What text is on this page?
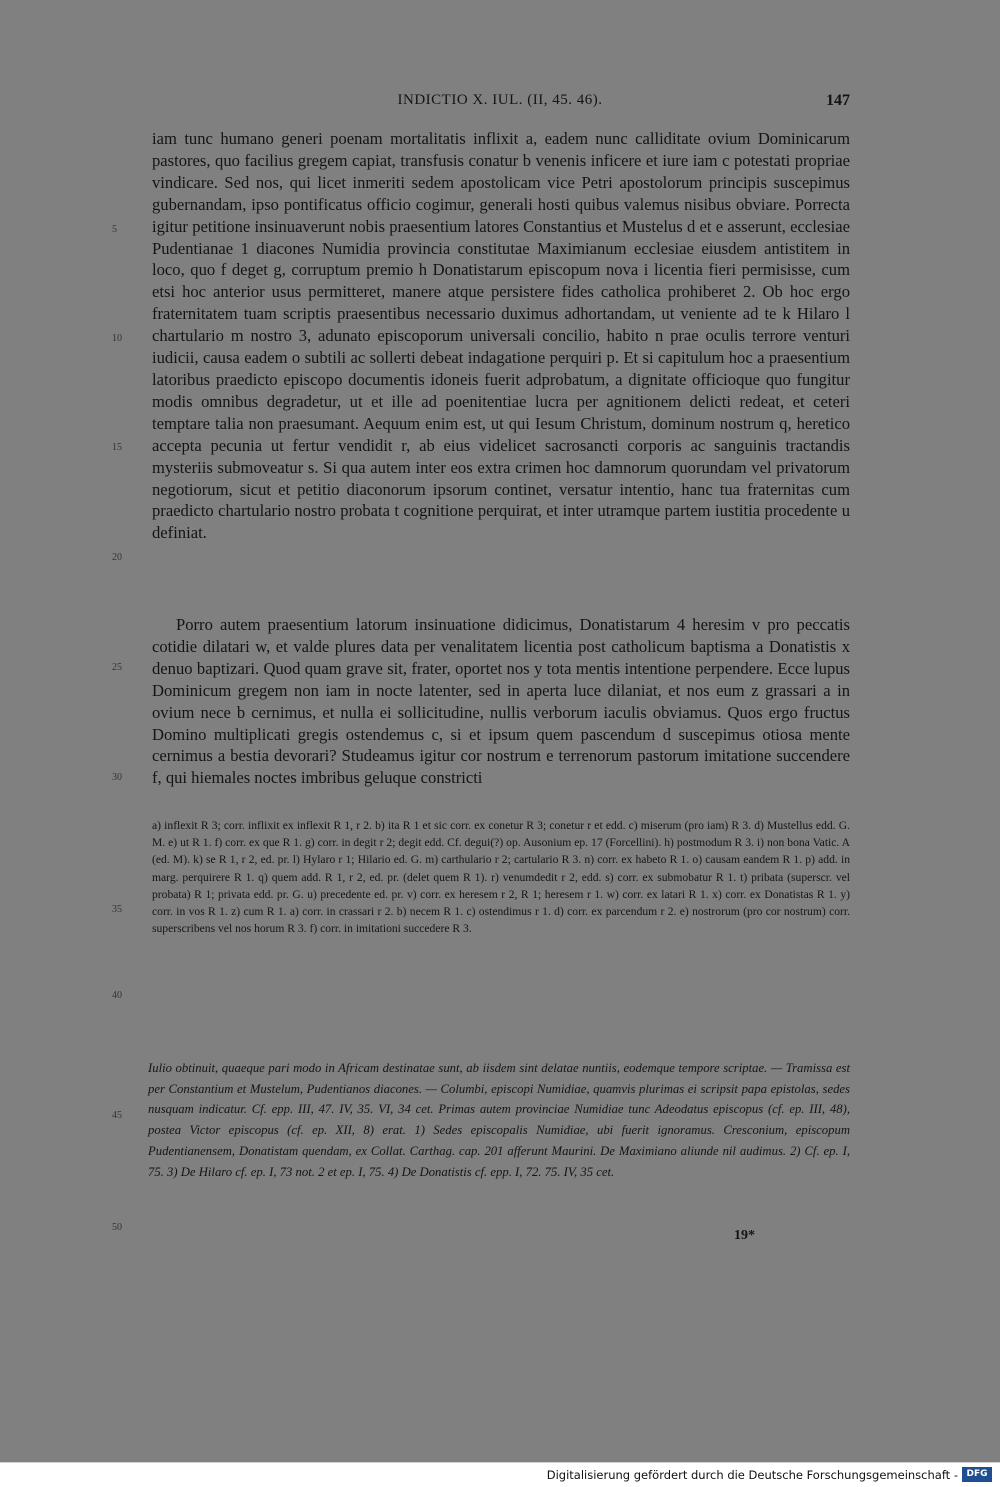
INDICTIO X. IUL. (II, 45. 46).	147
5
10
15
20
25
30
35
40
45
50

iam tunc humano generi poenam mortalitatis inflixit a, eadem nunc calliditate ovium Dominicarum pastores, quo facilius gregem capiat, transfusis conatur b venenis inficere et iure iam c potestati propriae vindicare. Sed nos, qui licet inmeriti sedem apostolicam vice Petri apostolorum principis suscepimus gubernandam, ipso pontificatus officio cogimur, generali hosti quibus valemus nisibus obviare. Porrecta igitur petitione insinuaverunt nobis praesentium latores Constantius et Mustelus d et e asserunt, ecclesiae Pudentianae 1 diacones Numidia provincia constitutae Maximianum ecclesiae eiusdem antistitem in loco, quo f deget g, corruptum premio h Donatistarum episcopum nova i licentia fieri permisisse, cum etsi hoc anterior usus permitteret, manere atque persistere fides catholica prohiberet 2. Ob hoc ergo fraternitatem tuam scriptis praesentibus necessario duximus adhortandam, ut veniente ad te k Hilaro l chartulario m nostro 3, adunato episcoporum universali concilio, habito n prae oculis terrore venturi iudicii, causa eadem o subtili ac sollerti debeat indagatione perquiri p. Et si capitulum hoc a praesentium latoribus praedicto episcopo documentis idoneis fuerit adprobatum, a dignitate officioque quo fungitur modis omnibus degradetur, ut et ille ad poenitentiae lucra per agnitionem delicti redeat, et ceteri temptare talia non praesumant. Aequum enim est, ut qui Iesum Christum, dominum nostrum q, heretico accepta pecunia ut fertur vendidit r, ab eius videlicet sacrosancti corporis ac sanguinis tractandis mysteriis submoveatur s. Si qua autem inter eos extra crimen hoc damnorum quorundam vel privatorum negotiorum, sicut et petitio diaconorum ipsorum continet, versatur intentio, hanc tua fraternitas cum praedicto chartulario nostro probata t cognitione perquirat, et inter utramque partem iustitia procedente u definiat.

Porro autem praesentium latorum insinuatione didicimus, Donatistarum 4 heresim v pro peccatis cotidie dilatari w, et valde plures data per venalitatem licentia post catholicum baptisma a Donatistis x denuo baptizari. Quod quam grave sit, frater, oportet nos y tota mentis intentione perpendere. Ecce lupus Dominicum gregem non iam in nocte latenter, sed in aperta luce dilaniat, et nos eum z grassari a in ovium nece b cernimus, et nulla ei sollicitudine, nullis verborum iaculis obviamus. Quos ergo fructus Domino multiplicati gregis ostendemus c, si et ipsum quem pascendum d suscepimus otiosa mente cernimus a bestia devorari? Studeamus igitur cor nostrum e terrenorum pastorum imitatione succendere f, qui hiemales noctes imbribus geluque constricti

a) inflexit R 3; corr. inflixit ex inflexit R 1, r 2. b) ita R 1 et sic corr. ex conetur R 3; conetur r et edd. c) miserum (pro iam) R 3. d) Mustellus edd. G. M. e) ut R 1. f) corr. ex que R 1. g) corr. in degit r 2; degit edd. Cf. degui(?) op. Ausonium ep. 17 (Forcellini). h) postmodum R 3. i) non bona Vatic. A (ed. M). k) se R 1, r 2, ed. pr. l) Hylaro r 1; Hilario ed. G. m) carthulario r 2; cartulario R 3. n) corr. ex habeto R 1. o) causam eandem R 1. p) add. in marg. perquirere R 1. q) quem add. R 1, r 2, ed. pr. (delet quem R 1). r) venumdedit r 2, edd. s) corr. ex submobatur R 1. t) pribata (superscr. vel probata) R 1; privata edd. pr. G. u) precedente ed. pr. v) corr. ex heresem r 2, R 1; heresem r 1. w) corr. ex latari R 1. x) corr. ex Donatistas R 1. y) corr. in vos R 1. z) cum R 1. a) corr. in crassari r 2. b) necem R 1. c) ostendimus r 1. d) corr. ex parcendum r 2. e) nostrorum (pro cor nostrum) corr. superscribens vel nos horum R 3. f) corr. in imitationi succedere R 3.

Iulio obtinuit, quaeque pari modo in Africam destinatae sunt, ab iisdem sint delatae nuntiis, eodemque tempore scriptae. — Tramissa est per Constantium et Mustelum, Pudentianos diacones. — Columbi, episcopi Numidiae, quamvis plurimas ei scripsit papa epistolas, sedes nusquam indicatur. Cf. epp. III, 47. IV, 35. VI, 34 cet. Primas autem provinciae Numidiae tunc Adeodatus episcopus (cf. ep. III, 48), postea Victor episcopus (cf. ep. XII, 8) erat. 1) Sedes episcopalis Numidiae, ubi fuerit ignoramus. Cresconium, episcopum Pudentianensem, Donatistam quendam, ex Collat. Carthag. cap. 201 afferunt Maurini. De Maximiano aliunde nil audimus. 2) Cf. ep. I, 75. 3) De Hilaro cf. ep. I, 73 not. 2 et ep. I, 75. 4) De Donatistis cf. epp. I, 72. 75. IV, 35 cet.

19*
Digitalisierung gefördert durch die Deutsche Forschungsgemeinschaft - DFG
